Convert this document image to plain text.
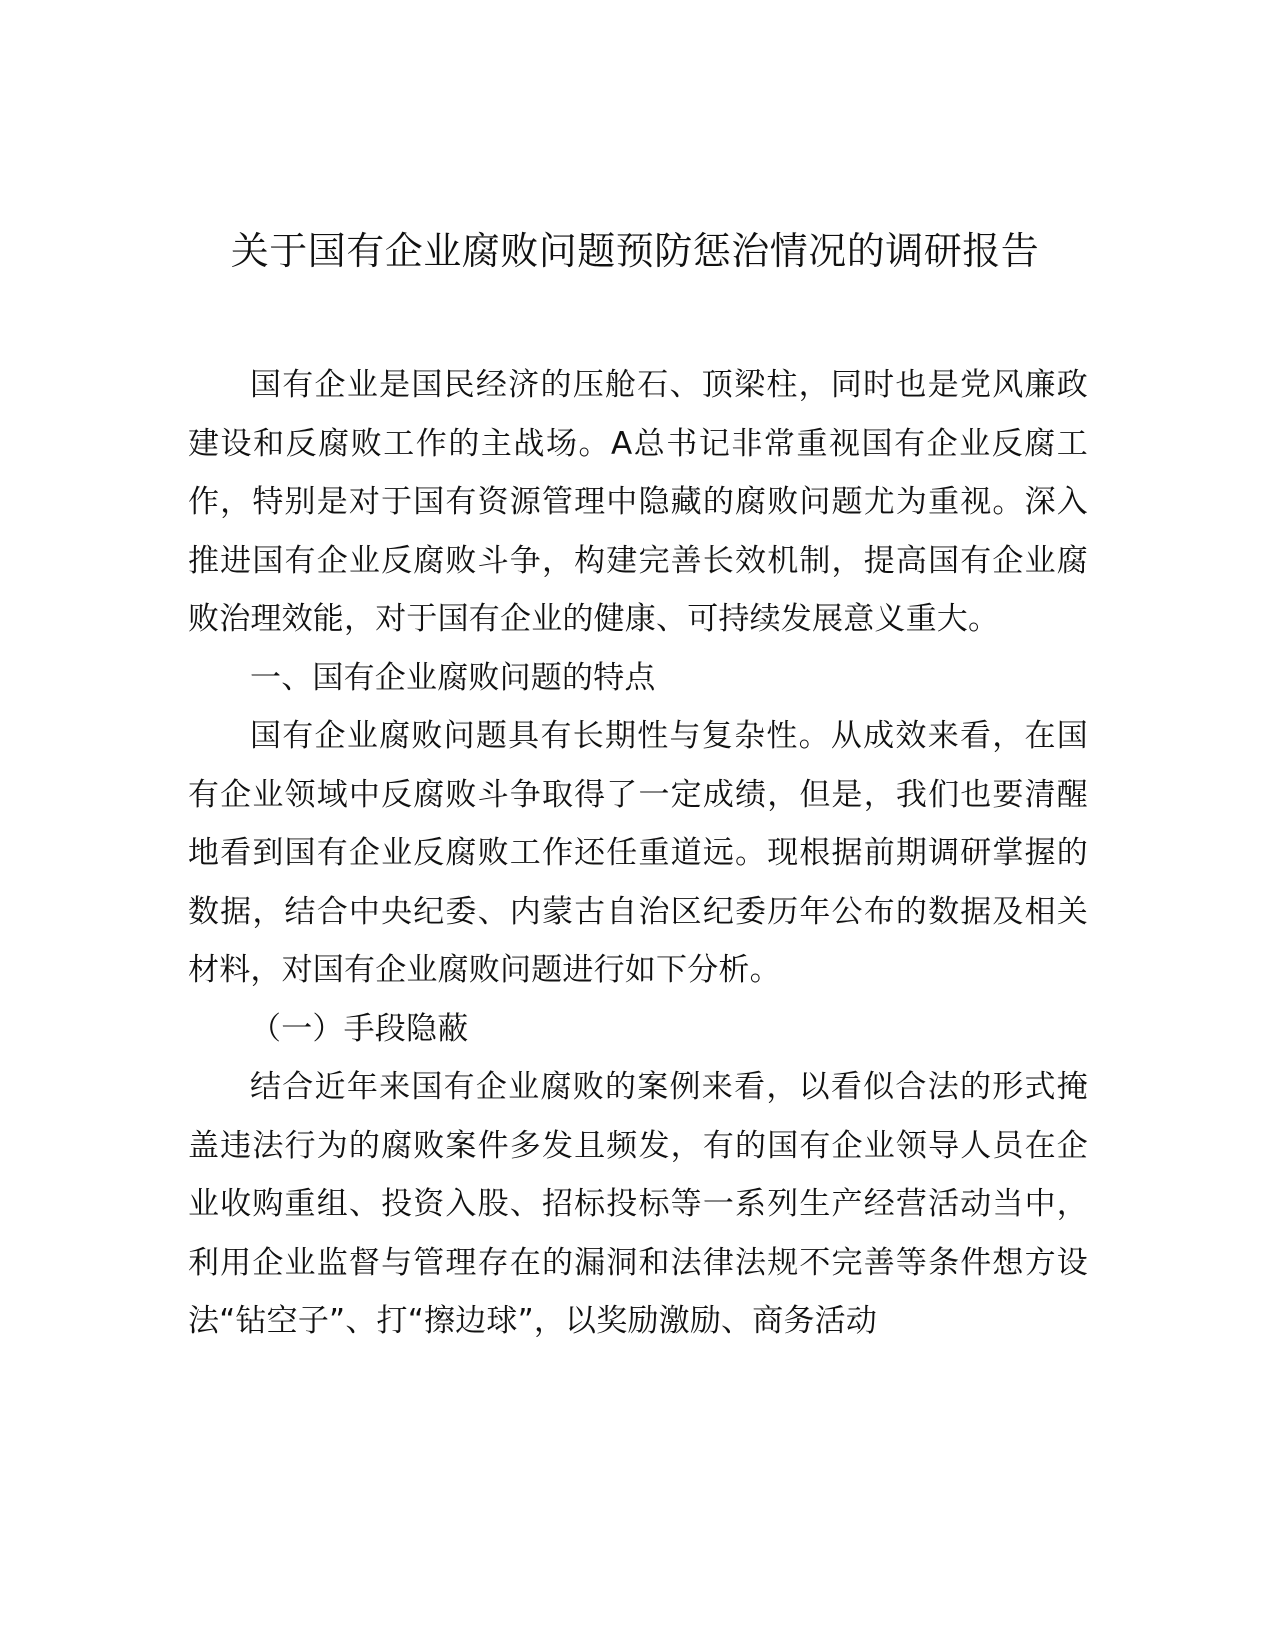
关于国有企业腐败问题预防惩治情况的调研报告

国有企业是国民经济的压舱石、顶梁柱，同时也是党风廉政建设和反腐败工作的主战场。A总书记非常重视国有企业反腐工作，特别是对于国有资源管理中隐藏的腐败问题尤为重视。深入推进国有企业反腐败斗争，构建完善长效机制，提高国有企业腐败治理效能，对于国有企业的健康、可持续发展意义重大。

一、国有企业腐败问题的特点

国有企业腐败问题具有长期性与复杂性。从成效来看，在国有企业领域中反腐败斗争取得了一定成绩，但是，我们也要清醒地看到国有企业反腐败工作还任重道远。现根据前期调研掌握的数据，结合中央纪委、内蒙古自治区纪委历年公布的数据及相关材料，对国有企业腐败问题进行如下分析。

（一）手段隐蔽

结合近年来国有企业腐败的案例来看，以看似合法的形式掩盖违法行为的腐败案件多发且频发，有的国有企业领导人员在企业收购重组、投资入股、招标投标等一系列生产经营活动当中，利用企业监督与管理存在的漏洞和法律法规不完善等条件想方设法“钻空子”、打“擦边球”，以奖励激励、商务活动
